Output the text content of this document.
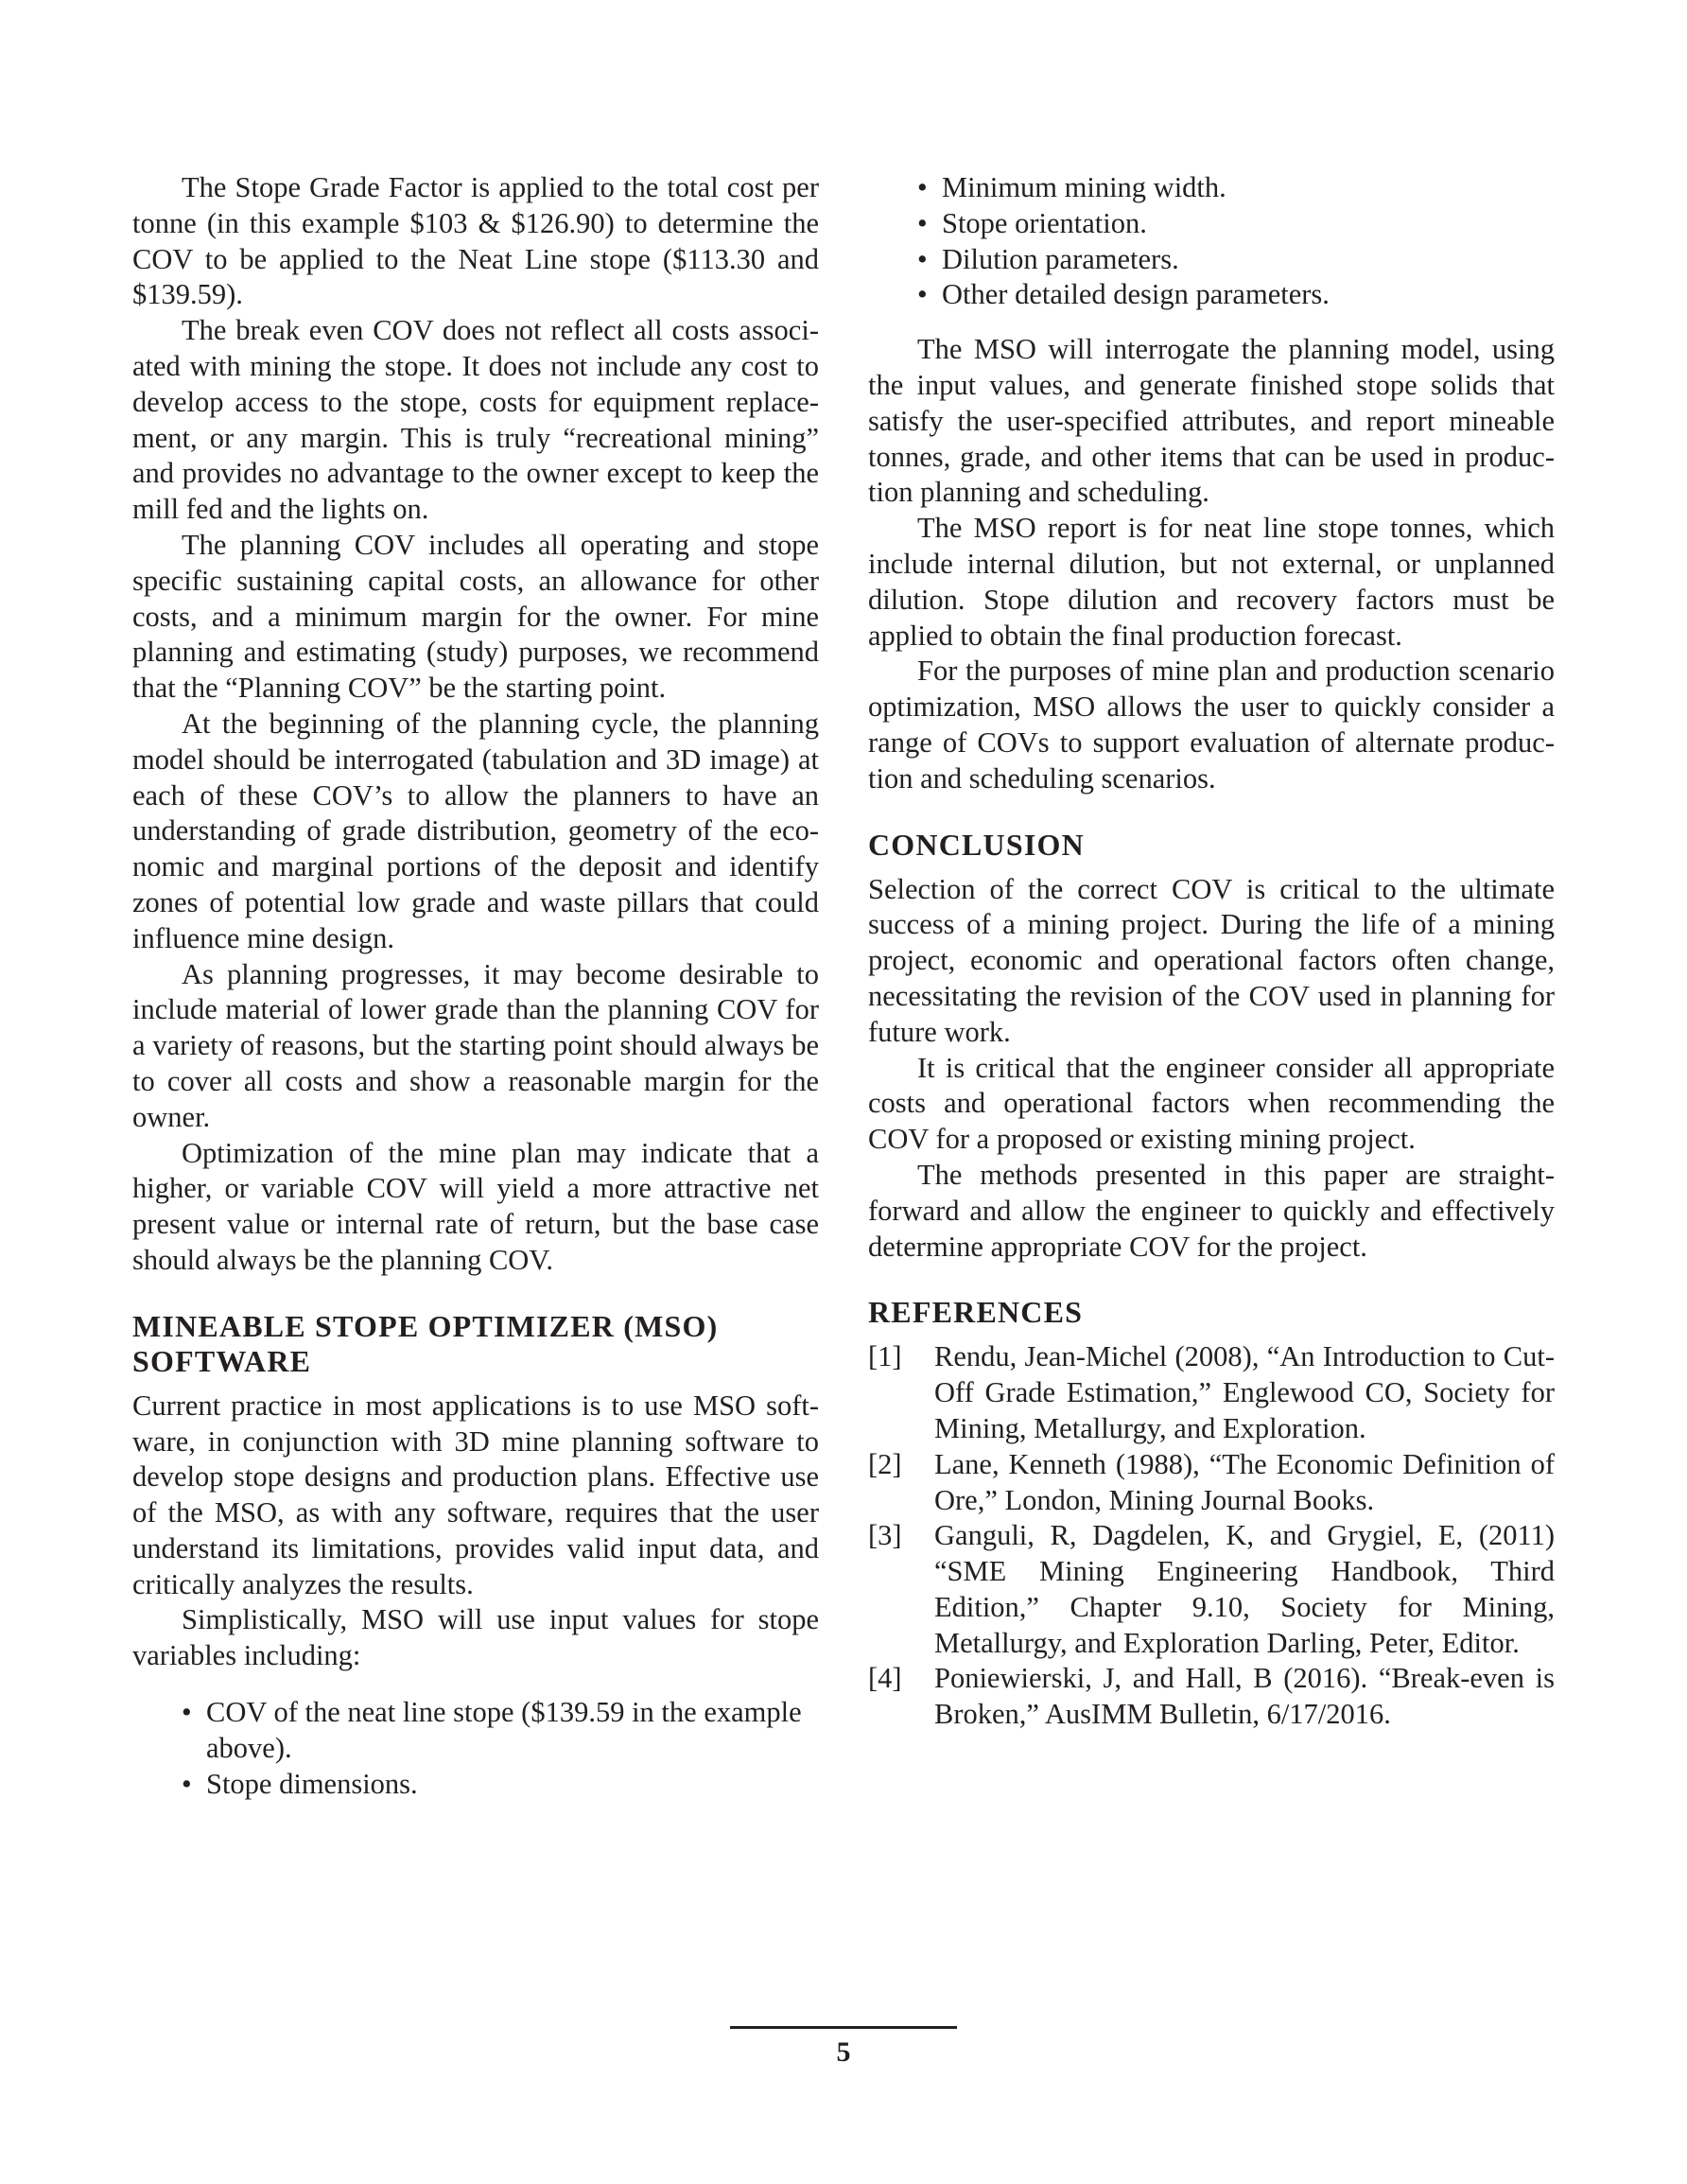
The Stope Grade Factor is applied to the total cost per tonne (in this example $103 & $126.90) to determine the COV to be applied to the Neat Line stope ($113.30 and $139.59).

The break even COV does not reflect all costs associated with mining the stope. It does not include any cost to develop access to the stope, costs for equipment replacement, or any margin. This is truly “recreational mining” and provides no advantage to the owner except to keep the mill fed and the lights on.

The planning COV includes all operating and stope specific sustaining capital costs, an allowance for other costs, and a minimum margin for the owner. For mine planning and estimating (study) purposes, we recommend that the “Planning COV” be the starting point.

At the beginning of the planning cycle, the planning model should be interrogated (tabulation and 3D image) at each of these COV’s to allow the planners to have an understanding of grade distribution, geometry of the economic and marginal portions of the deposit and identify zones of potential low grade and waste pillars that could influence mine design.

As planning progresses, it may become desirable to include material of lower grade than the planning COV for a variety of reasons, but the starting point should always be to cover all costs and show a reasonable margin for the owner.

Optimization of the mine plan may indicate that a higher, or variable COV will yield a more attractive net present value or internal rate of return, but the base case should always be the planning COV.

MINEABLE STOPE OPTIMIZER (MSO)
SOFTWARE

Current practice in most applications is to use MSO software, in conjunction with 3D mine planning software to develop stope designs and production plans. Effective use of the MSO, as with any software, requires that the user understand its limitations, provides valid input data, and critically analyzes the results.

Simplistically, MSO will use input values for stope variables including:

• COV of the neat line stope ($139.59 in the example above).
• Stope dimensions.
• Minimum mining width.
• Stope orientation.
• Dilution parameters.
• Other detailed design parameters.

The MSO will interrogate the planning model, using the input values, and generate finished stope solids that satisfy the user-specified attributes, and report mineable tonnes, grade, and other items that can be used in production planning and scheduling.

The MSO report is for neat line stope tonnes, which include internal dilution, but not external, or unplanned dilution. Stope dilution and recovery factors must be applied to obtain the final production forecast.

For the purposes of mine plan and production scenario optimization, MSO allows the user to quickly consider a range of COVs to support evaluation of alternate production and scheduling scenarios.

CONCLUSION

Selection of the correct COV is critical to the ultimate success of a mining project. During the life of a mining project, economic and operational factors often change, necessitating the revision of the COV used in planning for future work.

It is critical that the engineer consider all appropriate costs and operational factors when recommending the COV for a proposed or existing mining project.

The methods presented in this paper are straightforward and allow the engineer to quickly and effectively determine appropriate COV for the project.

REFERENCES
[1] Rendu, Jean-Michel (2008), “An Introduction to Cut-Off Grade Estimation,” Englewood CO, Society for Mining, Metallurgy, and Exploration.
[2] Lane, Kenneth (1988), “The Economic Definition of Ore,” London, Mining Journal Books.
[3] Ganguli, R, Dagdelen, K, and Grygiel, E, (2011) “SME Mining Engineering Handbook, Third Edition,” Chapter 9.10, Society for Mining, Metallurgy, and Exploration Darling, Peter, Editor.
[4] Poniewierski, J, and Hall, B (2016). “Break-even is Broken,” AusIMM Bulletin, 6/17/2016.
5
